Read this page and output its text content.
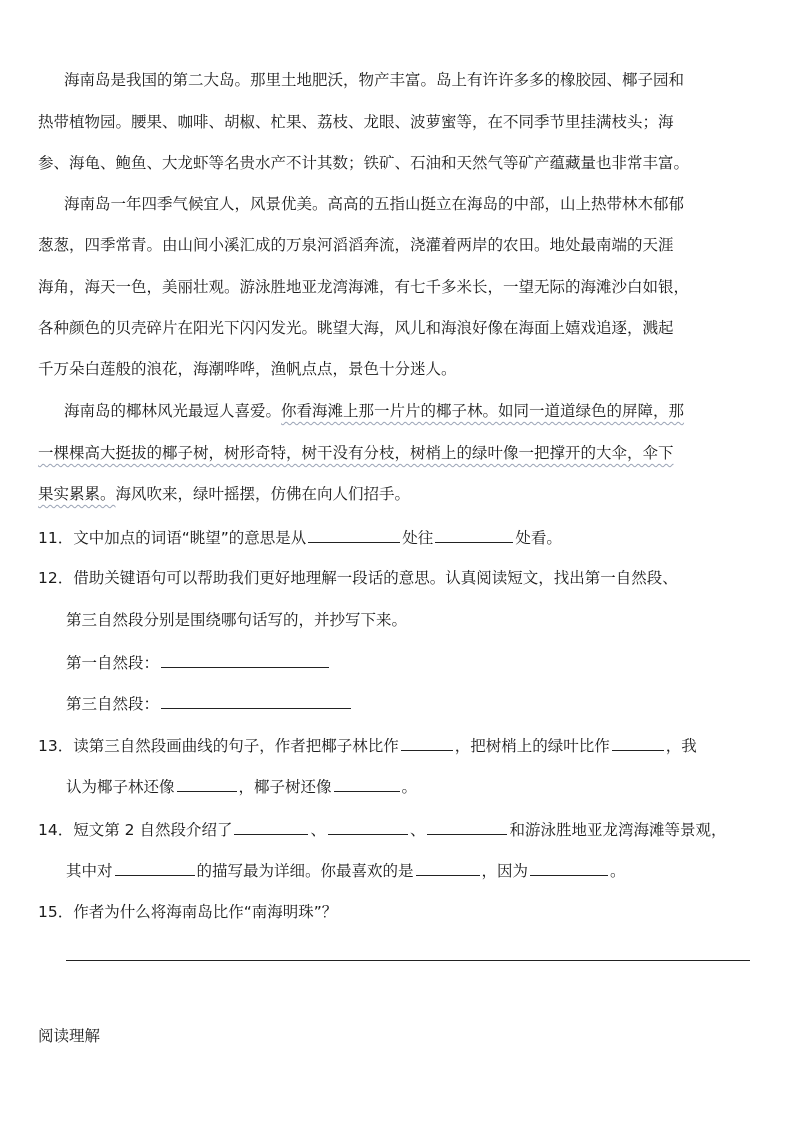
海南岛是我国的第二大岛。那里土地肥沃，物产丰富。岛上有许许多多的橡胶园、椰子园和
热带植物园。腰果、咖啡、胡椒、杧果、荔枝、龙眼、波萝蜜等，在不同季节里挂满枝头；海
参、海龟、鲍鱼、大龙虾等名贵水产不计其数；铁矿、石油和天然气等矿产蕴藏量也非常丰富。
海南岛一年四季气候宜人，风景优美。高高的五指山挺立在海岛的中部，山上热带林木郁郁
葱葱，四季常青。由山间小溪汇成的万泉河滔滔奔流，浇灌着两岸的农田。地处最南端的天涯
海角，海天一色，美丽壮观。游泳胜地亚龙湾海滩，有七千多米长，一望无际的海滩沙白如银，
各种颜色的贝壳碎片在阳光下闪闪发光。眺望大海，风儿和海浪好像在海面上嬉戏追逐，溅起
千万朵白莲般的浪花，海潮哗哗，渔帆点点，景色十分迷人。
海南岛的椰林风光最逗人喜爱。你看海滩上那一片片的椰子林。如同一道道绿色的屏障，那
一棵棵高大挺拔的椰子树，树形奇特，树干没有分枝，树梢上的绿叶像一把撑开的大伞，伞下
果实累累。海风吹来，绿叶摇摆，仿佛在向人们招手。
11．文中加点的词语“眺望”的意思是从	处往	处看。
12．借助关键语句可以帮助我们更好地理解一段话的意思。认真阅读短文，找出第一自然段、
第三自然段分别是围绕哪句话写的，并抄写下来。
第一自然段：
第三自然段：
13．读第三自然段画曲线的句子，作者把椰子林比作	，把树梢上的绿叶比作	，我
认为椰子林还像	，椰子树还像	。
14．短文第 2 自然段介绍了	、	、	和游泳胜地亚龙湾海滩等景观，
其中对	的描写最为详细。你最喜欢的是	，因为	。
15．作者为什么将海南岛比作“南海明珠”？
阅读理解
